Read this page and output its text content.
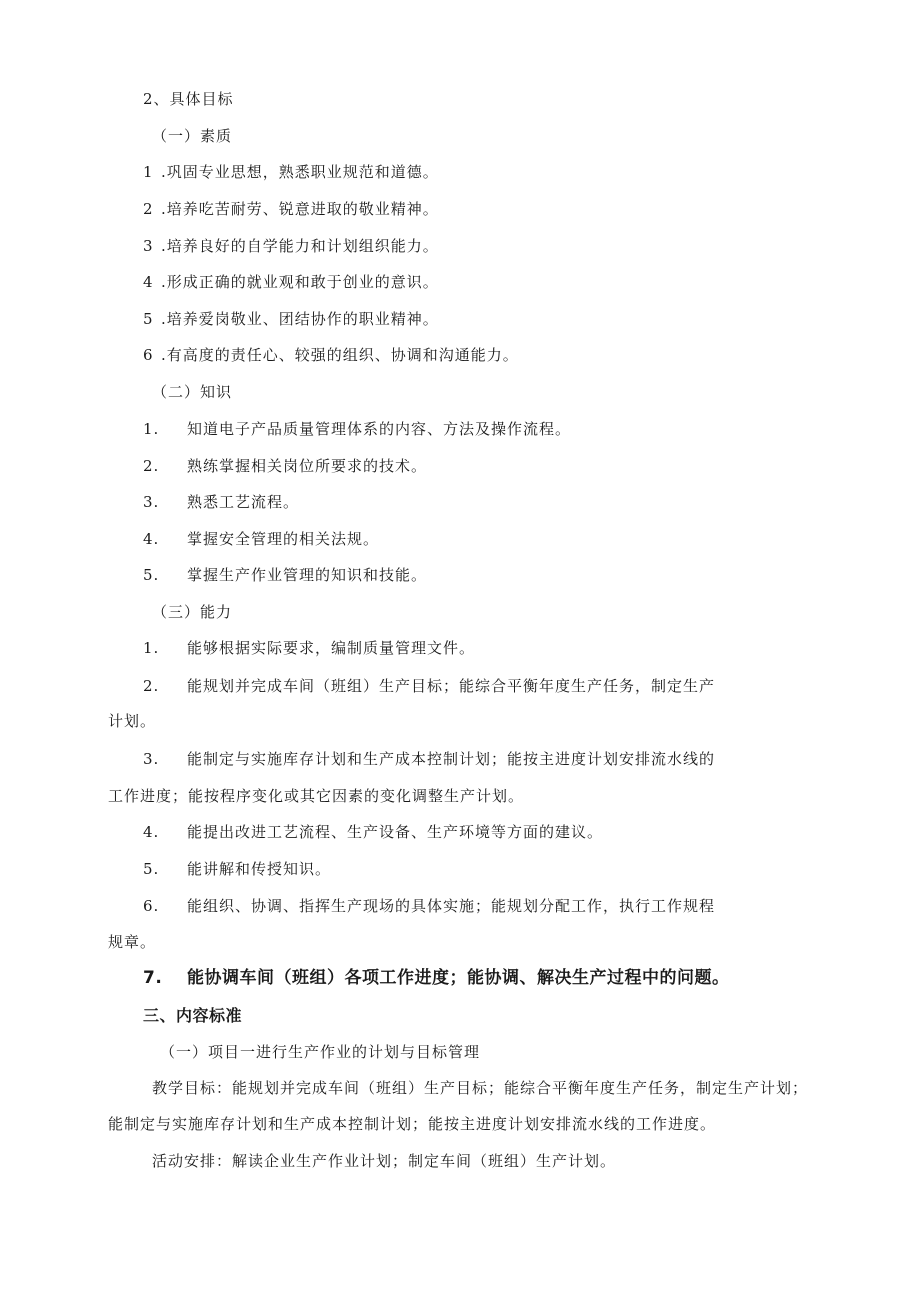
2、具体目标
（一）素质
1 .巩固专业思想，熟悉职业规范和道德。
2 .培养吃苦耐劳、锐意进取的敬业精神。
3 .培养良好的自学能力和计划组织能力。
4 .形成正确的就业观和敢于创业的意识。
5 .培养爱岗敬业、团结协作的职业精神。
6 .有高度的责任心、较强的组织、协调和沟通能力。
（二）知识
1. 知道电子产品质量管理体系的内容、方法及操作流程。
2. 熟练掌握相关岗位所要求的技术。
3. 熟悉工艺流程。
4. 掌握安全管理的相关法规。
5. 掌握生产作业管理的知识和技能。
（三）能力
1. 能够根据实际要求，编制质量管理文件。
2. 能规划并完成车间（班组）生产目标；能综合平衡年度生产任务，制定生产
计划。
3. 能制定与实施库存计划和生产成本控制计划；能按主进度计划安排流水线的
工作进度；能按程序变化或其它因素的变化调整生产计划。
4. 能提出改进工艺流程、生产设备、生产环境等方面的建议。
5. 能讲解和传授知识。
6. 能组织、协调、指挥生产现场的具体实施；能规划分配工作，执行工作规程
规章。
7. 能协调车间（班组）各项工作进度；能协调、解决生产过程中的问题。
三、内容标准
（一）项目一进行生产作业的计划与目标管理
教学目标：能规划并完成车间（班组）生产目标；能综合平衡年度生产任务，制定生产计划；
能制定与实施库存计划和生产成本控制计划；能按主进度计划安排流水线的工作进度。
活动安排：解读企业生产作业计划；制定车间（班组）生产计划。
